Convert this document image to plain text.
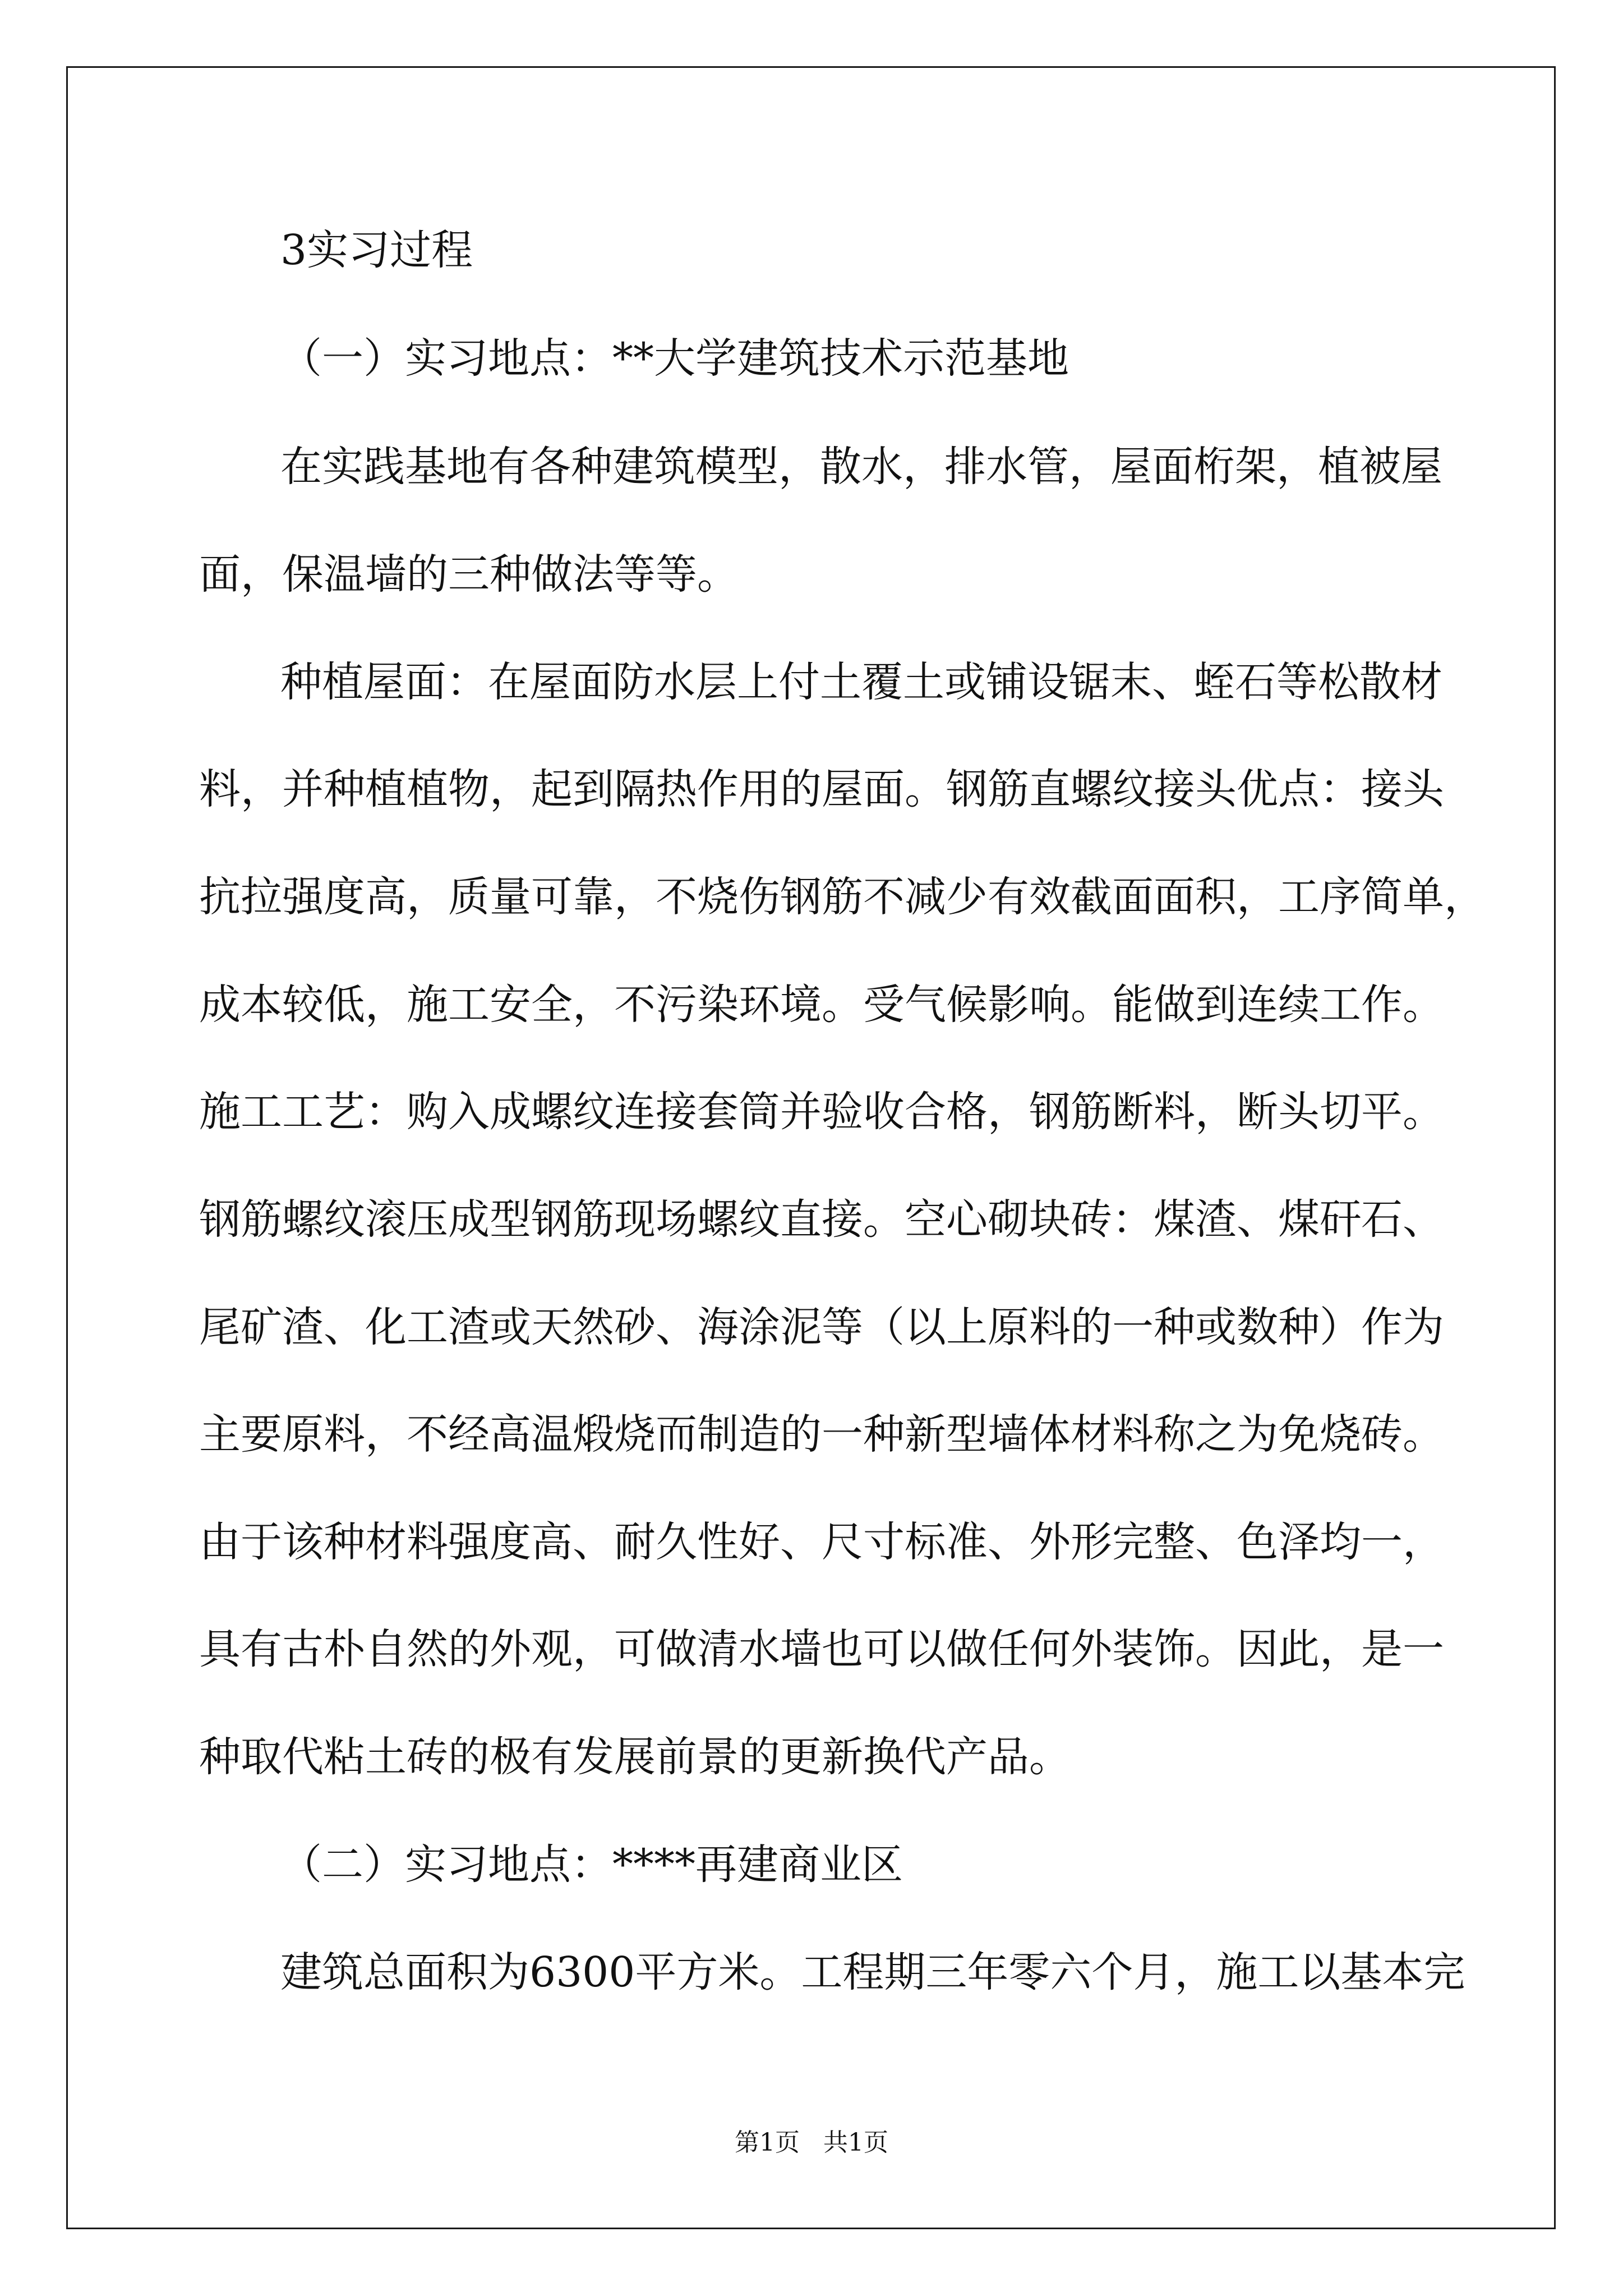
3实习过程
（一）实习地点：**大学建筑技术示范基地
在实践基地有各种建筑模型，散水，排水管，屋面桁架，植被屋
面，保温墙的三种做法等等。
种植屋面：在屋面防水层上付土覆土或铺设锯末、蛭石等松散材
料，并种植植物，起到隔热作用的屋面。钢筋直螺纹接头优点：接头
抗拉强度高，质量可靠，不烧伤钢筋不减少有效截面面积，工序简单，
成本较低，施工安全，不污染环境。受气候影响。能做到连续工作。
施工工艺：购入成螺纹连接套筒并验收合格，钢筋断料，断头切平。
钢筋螺纹滚压成型钢筋现场螺纹直接。空心砌块砖：煤渣、煤矸石、
尾矿渣、化工渣或天然砂、海涂泥等（以上原料的一种或数种）作为
主要原料，不经高温煅烧而制造的一种新型墙体材料称之为免烧砖。
由于该种材料强度高、耐久性好、尺寸标准、外形完整、色泽均一，
具有古朴自然的外观，可做清水墙也可以做任何外装饰。因此，是一
种取代粘土砖的极有发展前景的更新换代产品。
（二）实习地点：****再建商业区
建筑总面积为6300平方米。工程期三年零六个月，施工以基本完
第1页   共1页
